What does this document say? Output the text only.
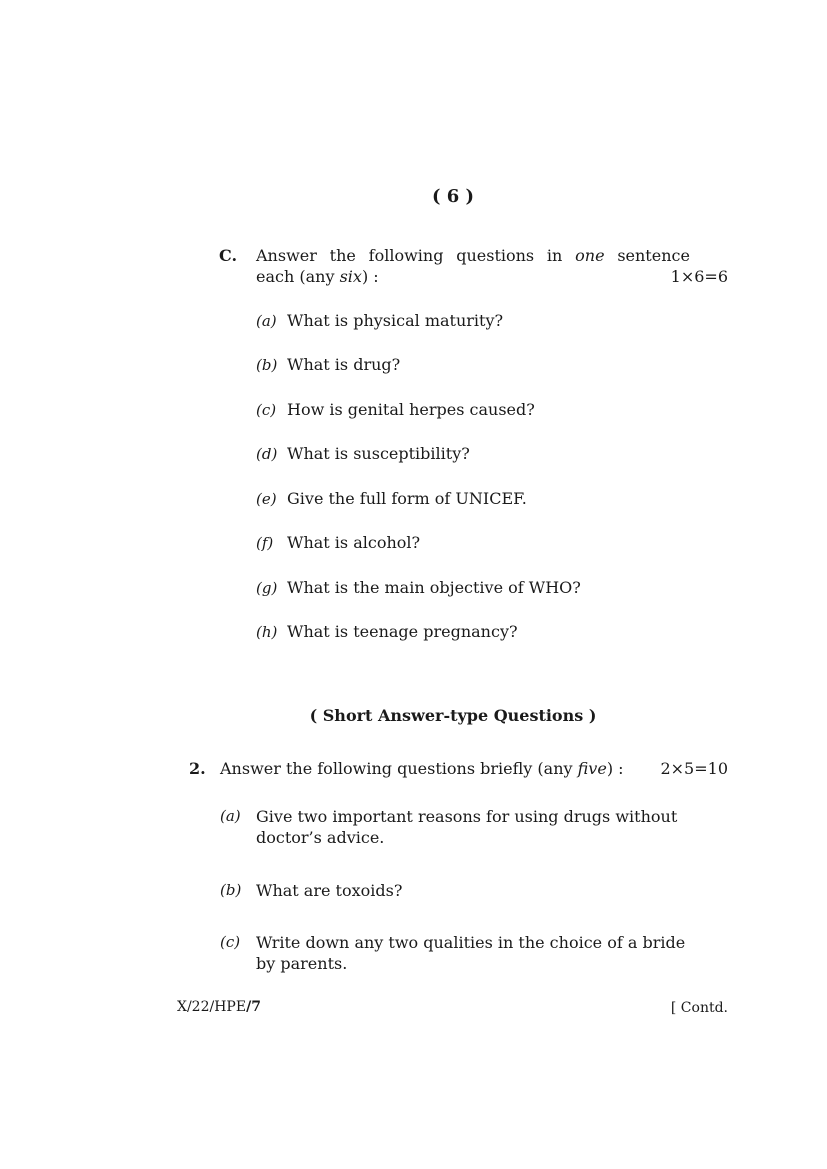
( 6 )
C. Answer the following questions in one sentence
each (any six) :	1×6=6
(a) What is physical maturity?
(b) What is drug?
(c) How is genital herpes caused?
(d) What is susceptibility?
(e) Give the full form of UNICEF.
(f) What is alcohol?
(g) What is the main objective of WHO?
(h) What is teenage pregnancy?
( Short Answer-type Questions )
2. Answer the following questions briefly (any five) : 2×5=10
(a) Give two important reasons for using drugs without
doctor’s advice.
(b) What are toxoids?
(c) Write down any two qualities in the choice of a bride
by parents.
X/22/HPE/7	[ Contd.
